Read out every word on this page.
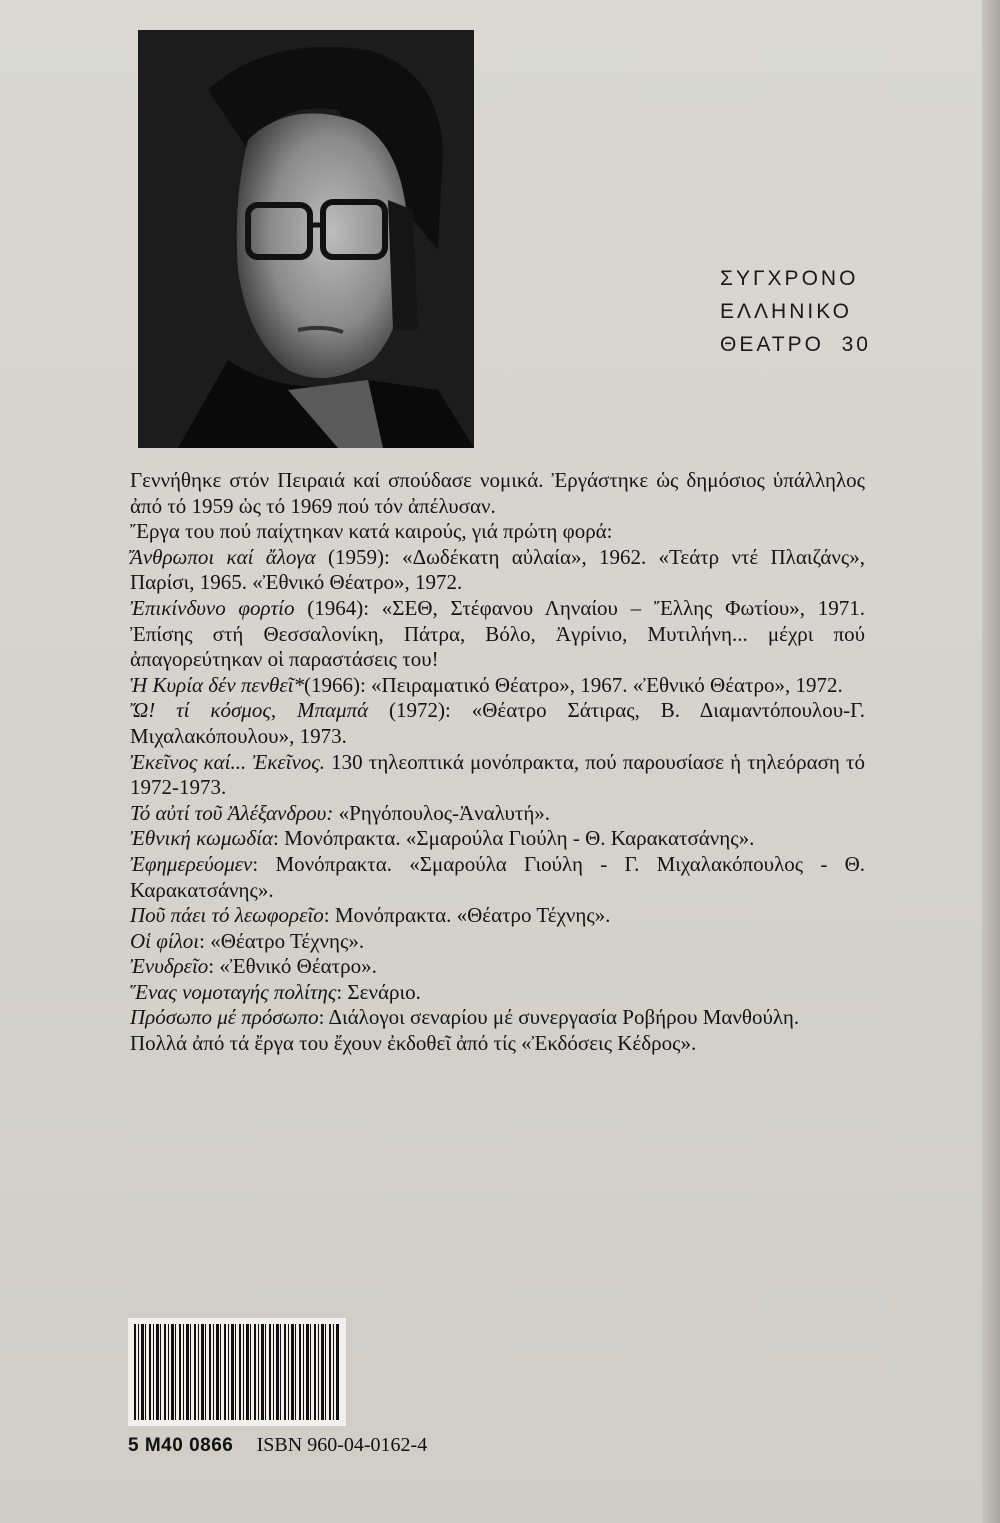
ΣΥΓΧΡΟΝΟ
ΕΛΛΗΝΙΚΟ
ΘΕΑΤΡΟ  30

Γεννήθηκε στόν Πειραιά καί σπούδασε νομικά. Ἐργάστηκε ὡς δημόσιος ὑπάλληλος ἀπό τό 1959 ὡς τό 1969 πού τόν ἀπέλυσαν.

Ἔργα του πού παίχτηκαν κατά καιρούς, γιά πρώτη φορά:

Ἄνθρωποι καί ἄλογα (1959): «Δωδέκατη αὐλαία», 1962. «Τεάτρ ντέ Πλαιζάνς», Παρίσι, 1965. «Ἐθνικό Θέατρο», 1972.

Ἐπικίνδυνο φορτίο (1964): «ΣΕΘ, Στέφανου Ληναίου – Ἔλλης Φωτίου», 1971. Ἐπίσης στή Θεσσαλονίκη, Πάτρα, Βόλο, Ἀγρίνιο, Μυτιλήνη... μέχρι πού ἀπαγορεύτηκαν οἱ παραστάσεις του!

Ἡ Κυρία δέν πενθεῖ*(1966): «Πειραματικό Θέατρο», 1967. «Ἐθνικό Θέατρο», 1972.

Ὤ! τί κόσμος, Μπαμπά (1972): «Θέατρο Σάτιρας, Β. Διαμαντόπουλου-Γ. Μιχαλακόπουλου», 1973.

Ἐκεῖνος καί... Ἐκεῖνος. 130 τηλεοπτικά μονόπρακτα, πού παρουσίασε ἡ τηλεόραση τό 1972-1973.

Τό αὐτί τοῦ Ἀλέξανδρου: «Ρηγόπουλος-Ἀναλυτή».

Ἐθνική κωμωδία: Μονόπρακτα. «Σμαρούλα Γιούλη - Θ. Καρακατσάνης».

Ἐφημερεύομεν: Μονόπρακτα. «Σμαρούλα Γιούλη - Γ. Μιχαλακόπουλος - Θ. Καρακατσάνης».

Ποῦ πάει τό λεωφορεῖο: Μονόπρακτα. «Θέατρο Τέχνης».

Οἱ φίλοι: «Θέατρο Τέχνης».

Ἐνυδρεῖο: «Ἐθνικό Θέατρο».

Ἕνας νομοταγής πολίτης: Σενάριο.

Πρόσωπο μέ πρόσωπο: Διάλογοι σεναρίου μέ συνεργασία Ροβήρου Μανθούλη.

Πολλά ἀπό τά ἔργα του ἔχουν ἐκδοθεῖ ἀπό τίς «Ἐκδόσεις Κέδρος».

5 M40 0866 ISBN 960-04-0162-4
